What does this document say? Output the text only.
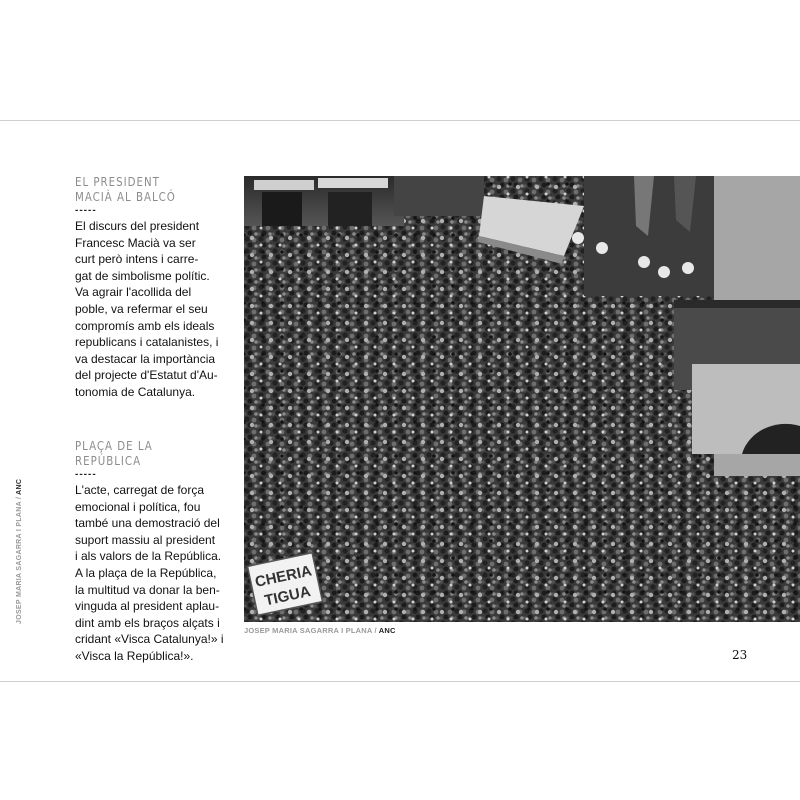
JOSEP MARIA SAGARRA I PLANA / ANC
EL PRESIDENT
MACIÀ AL BALCÓ
-----
El discurs del president
Francesc Macià va ser
curt però intens i carre-
gat de simbolisme polític.
Va agrair l'acollida del
poble, va refermar el seu
compromís amb els ideals
republicans i catalanistes, i
va destacar la importància
del projecte d'Estatut d'Au-
tonomia de Catalunya.
PLAÇA DE LA REPÚBLICA
-----
L'acte, carregat de força
emocional i política, fou
també una demostració del
suport massiu al president
i als valors de la República.
A la plaça de la República,
la multitud va donar la ben-
vinguda al president aplau-
dint amb els braços alçats i
cridant «Visca Catalunya!» i
«Visca la República!».
CHERIA
TIGUA
JOSEP MARIA SAGARRA I PLANA / ANC
23
